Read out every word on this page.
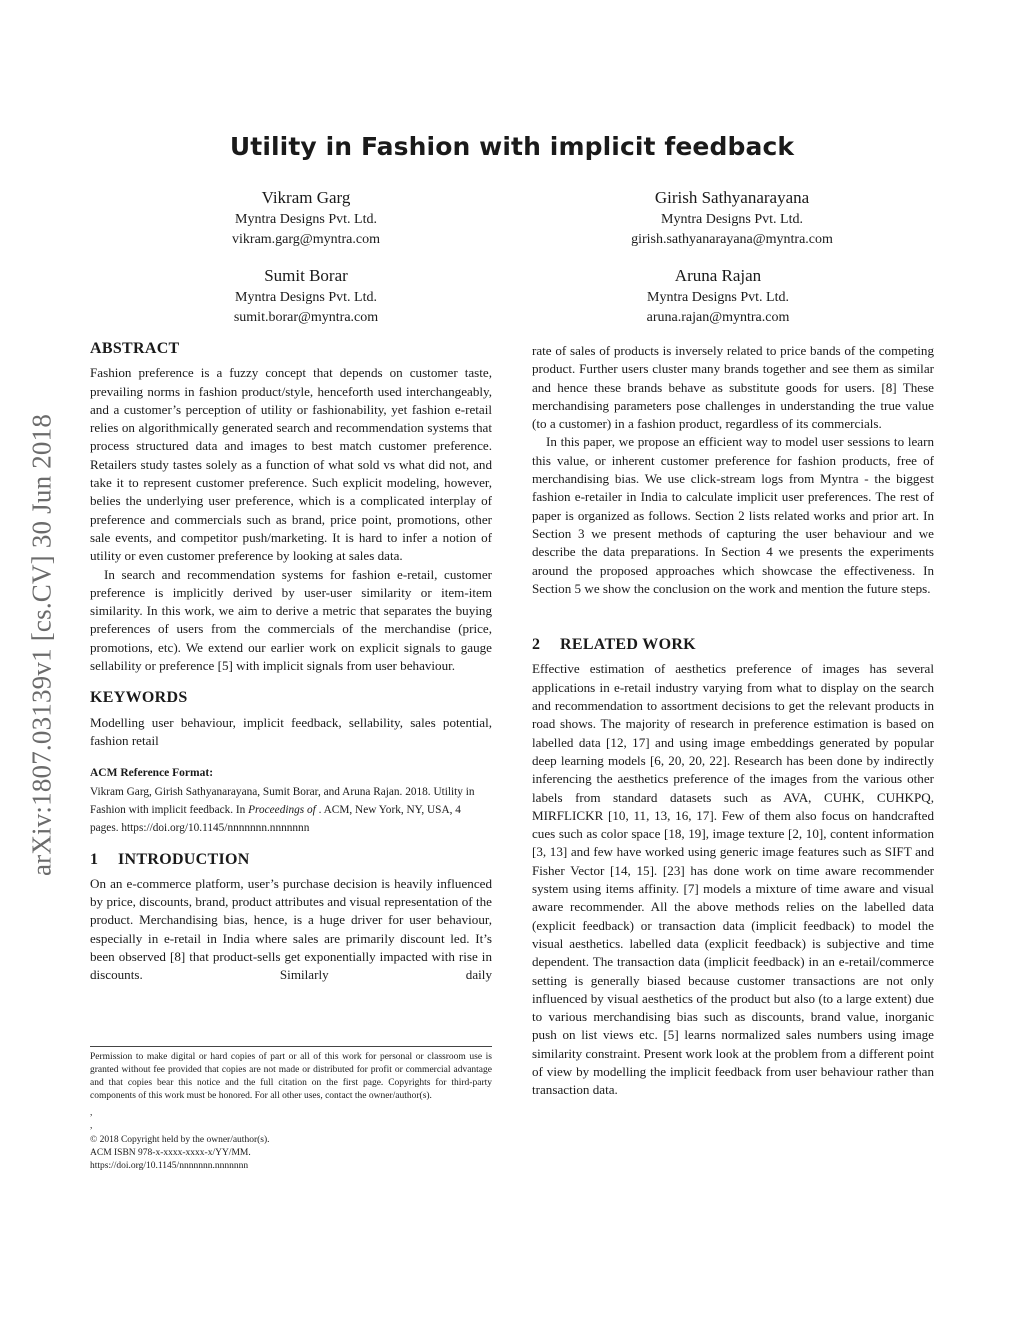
Utility in Fashion with implicit feedback
Vikram Garg
Myntra Designs Pvt. Ltd.
vikram.garg@myntra.com
Girish Sathyanarayana
Myntra Designs Pvt. Ltd.
girish.sathyanarayana@myntra.com
Sumit Borar
Myntra Designs Pvt. Ltd.
sumit.borar@myntra.com
Aruna Rajan
Myntra Designs Pvt. Ltd.
aruna.rajan@myntra.com
arXiv:1807.03139v1 [cs.CV] 30 Jun 2018
ABSTRACT

Fashion preference is a fuzzy concept that depends on customer taste, prevailing norms in fashion product/style, henceforth used interchangeably, and a customer’s perception of utility or fashionability, yet fashion e-retail relies on algorithmically generated search and recommendation systems that process structured data and images to best match customer preference. Retailers study tastes solely as a function of what sold vs what did not, and take it to represent customer preference. Such explicit modeling, however, belies the underlying user preference, which is a complicated interplay of preference and commercials such as brand, price point, promotions, other sale events, and competitor push/marketing. It is hard to infer a notion of utility or even customer preference by looking at sales data.

In search and recommendation systems for fashion e-retail, customer preference is implicitly derived by user-user similarity or item-item similarity. In this work, we aim to derive a metric that separates the buying preferences of users from the commercials of the merchandise (price, promotions, etc). We extend our earlier work on explicit signals to gauge sellability or preference [5] with implicit signals from user behaviour.

KEYWORDS

Modelling user behaviour, implicit feedback, sellability, sales potential, fashion retail

ACM Reference Format:
Vikram Garg, Girish Sathyanarayana, Sumit Borar, and Aruna Rajan. 2018. Utility in Fashion with implicit feedback. In Proceedings of . ACM, New York, NY, USA, 4 pages. https://doi.org/10.1145/nnnnnnn.nnnnnnn
1 INTRODUCTION

On an e-commerce platform, user’s purchase decision is heavily influenced by price, discounts, brand, product attributes and visual representation of the product. Merchandising bias, hence, is a huge driver for user behaviour, especially in e-retail in India where sales are primarily discount led. It’s been observed [8] that product-sells get exponentially impacted with rise in discounts. Similarly daily

Permission to make digital or hard copies of part or all of this work for personal or classroom use is granted without fee provided that copies are not made or distributed for profit or commercial advantage and that copies bear this notice and the full citation on the first page. Copyrights for third-party components of this work must be honored. For all other uses, contact the owner/author(s).

,
,
© 2018 Copyright held by the owner/author(s).
ACM ISBN 978-x-xxxx-xxxx-x/YY/MM.
https://doi.org/10.1145/nnnnnnn.nnnnnnn

rate of sales of products is inversely related to price bands of the competing product. Further users cluster many brands together and see them as similar and hence these brands behave as substitute goods for users. [8] These merchandising parameters pose challenges in understanding the true value (to a customer) in a fashion product, regardless of its commercials.

In this paper, we propose an efficient way to model user sessions to learn this value, or inherent customer preference for fashion products, free of merchandising bias. We use click-stream logs from Myntra - the biggest fashion e-retailer in India to calculate implicit user preferences. The rest of paper is organized as follows. Section 2 lists related works and prior art. In Section 3 we present methods of capturing the user behaviour and we describe the data preparations. In Section 4 we presents the experiments around the proposed approaches which showcase the effectiveness. In Section 5 we show the conclusion on the work and mention the future steps.

2 RELATED WORK

Effective estimation of aesthetics preference of images has several applications in e-retail industry varying from what to display on the search and recommendation to assortment decisions to get the relevant products in road shows. The majority of research in preference estimation is based on labelled data [12, 17] and using image embeddings generated by popular deep learning models [6, 20, 20, 22]. Research has been done by indirectly inferencing the aesthetics preference of the images from the various other labels from standard datasets such as AVA, CUHK, CUHKPQ, MIRFLICKR [10, 11, 13, 16, 17]. Few of them also focus on handcrafted cues such as color space [18, 19], image texture [2, 10], content information [3, 13] and few have worked using generic image features such as SIFT and Fisher Vector [14, 15]. [23] has done work on time aware recommender system using items affinity. [7] models a mixture of time aware and visual aware recommender. All the above methods relies on the labelled data (explicit feedback) or transaction data (implicit feedback) to model the visual aesthetics. labelled data (explicit feedback) is subjective and time dependent. The transaction data (implicit feedback) in an e-retail/commerce setting is generally biased because customer transactions are not only influenced by visual aesthetics of the product but also (to a large extent) due to various merchandising bias such as discounts, brand value, inorganic push on list views etc. [5] learns normalized sales numbers using image similarity constraint. Present work look at the problem from a different point of view by modelling the implicit feedback from user behaviour rather than transaction data.
